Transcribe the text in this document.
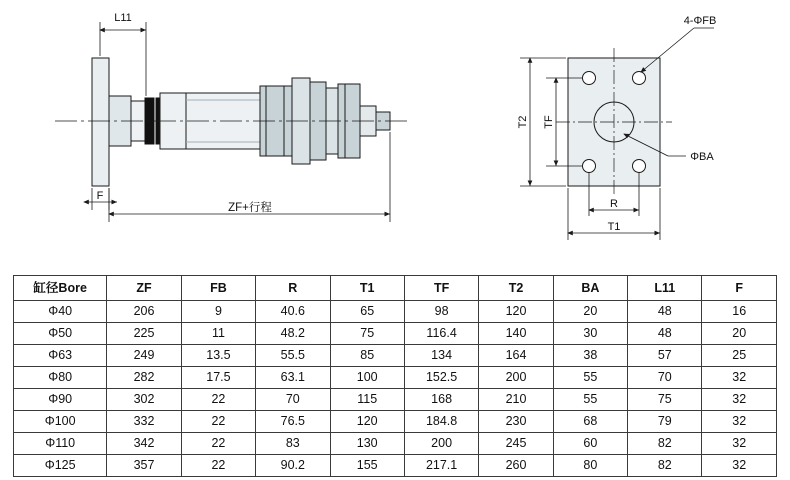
L11
F
ZF+行程
4-ΦFB
ΦBA
T2 TF
R
T1
缸径Bore	ZF	FB	R	T1	TF	T2	BA	L11	F
Φ40	206	9	40.6	65	98	120	20	48	16
Φ50	225	11	48.2	75	116.4	140	30	48	20
Φ63	249	13.5	55.5	85	134	164	38	57	25
Φ80	282	17.5	63.1	100	152.5	200	55	70	32
Φ90	302	22	70	115	168	210	55	75	32
Φ100	332	22	76.5	120	184.8	230	68	79	32
Φ110	342	22	83	130	200	245	60	82	32
Φ125	357	22	90.2	155	217.1	260	80	82	32
